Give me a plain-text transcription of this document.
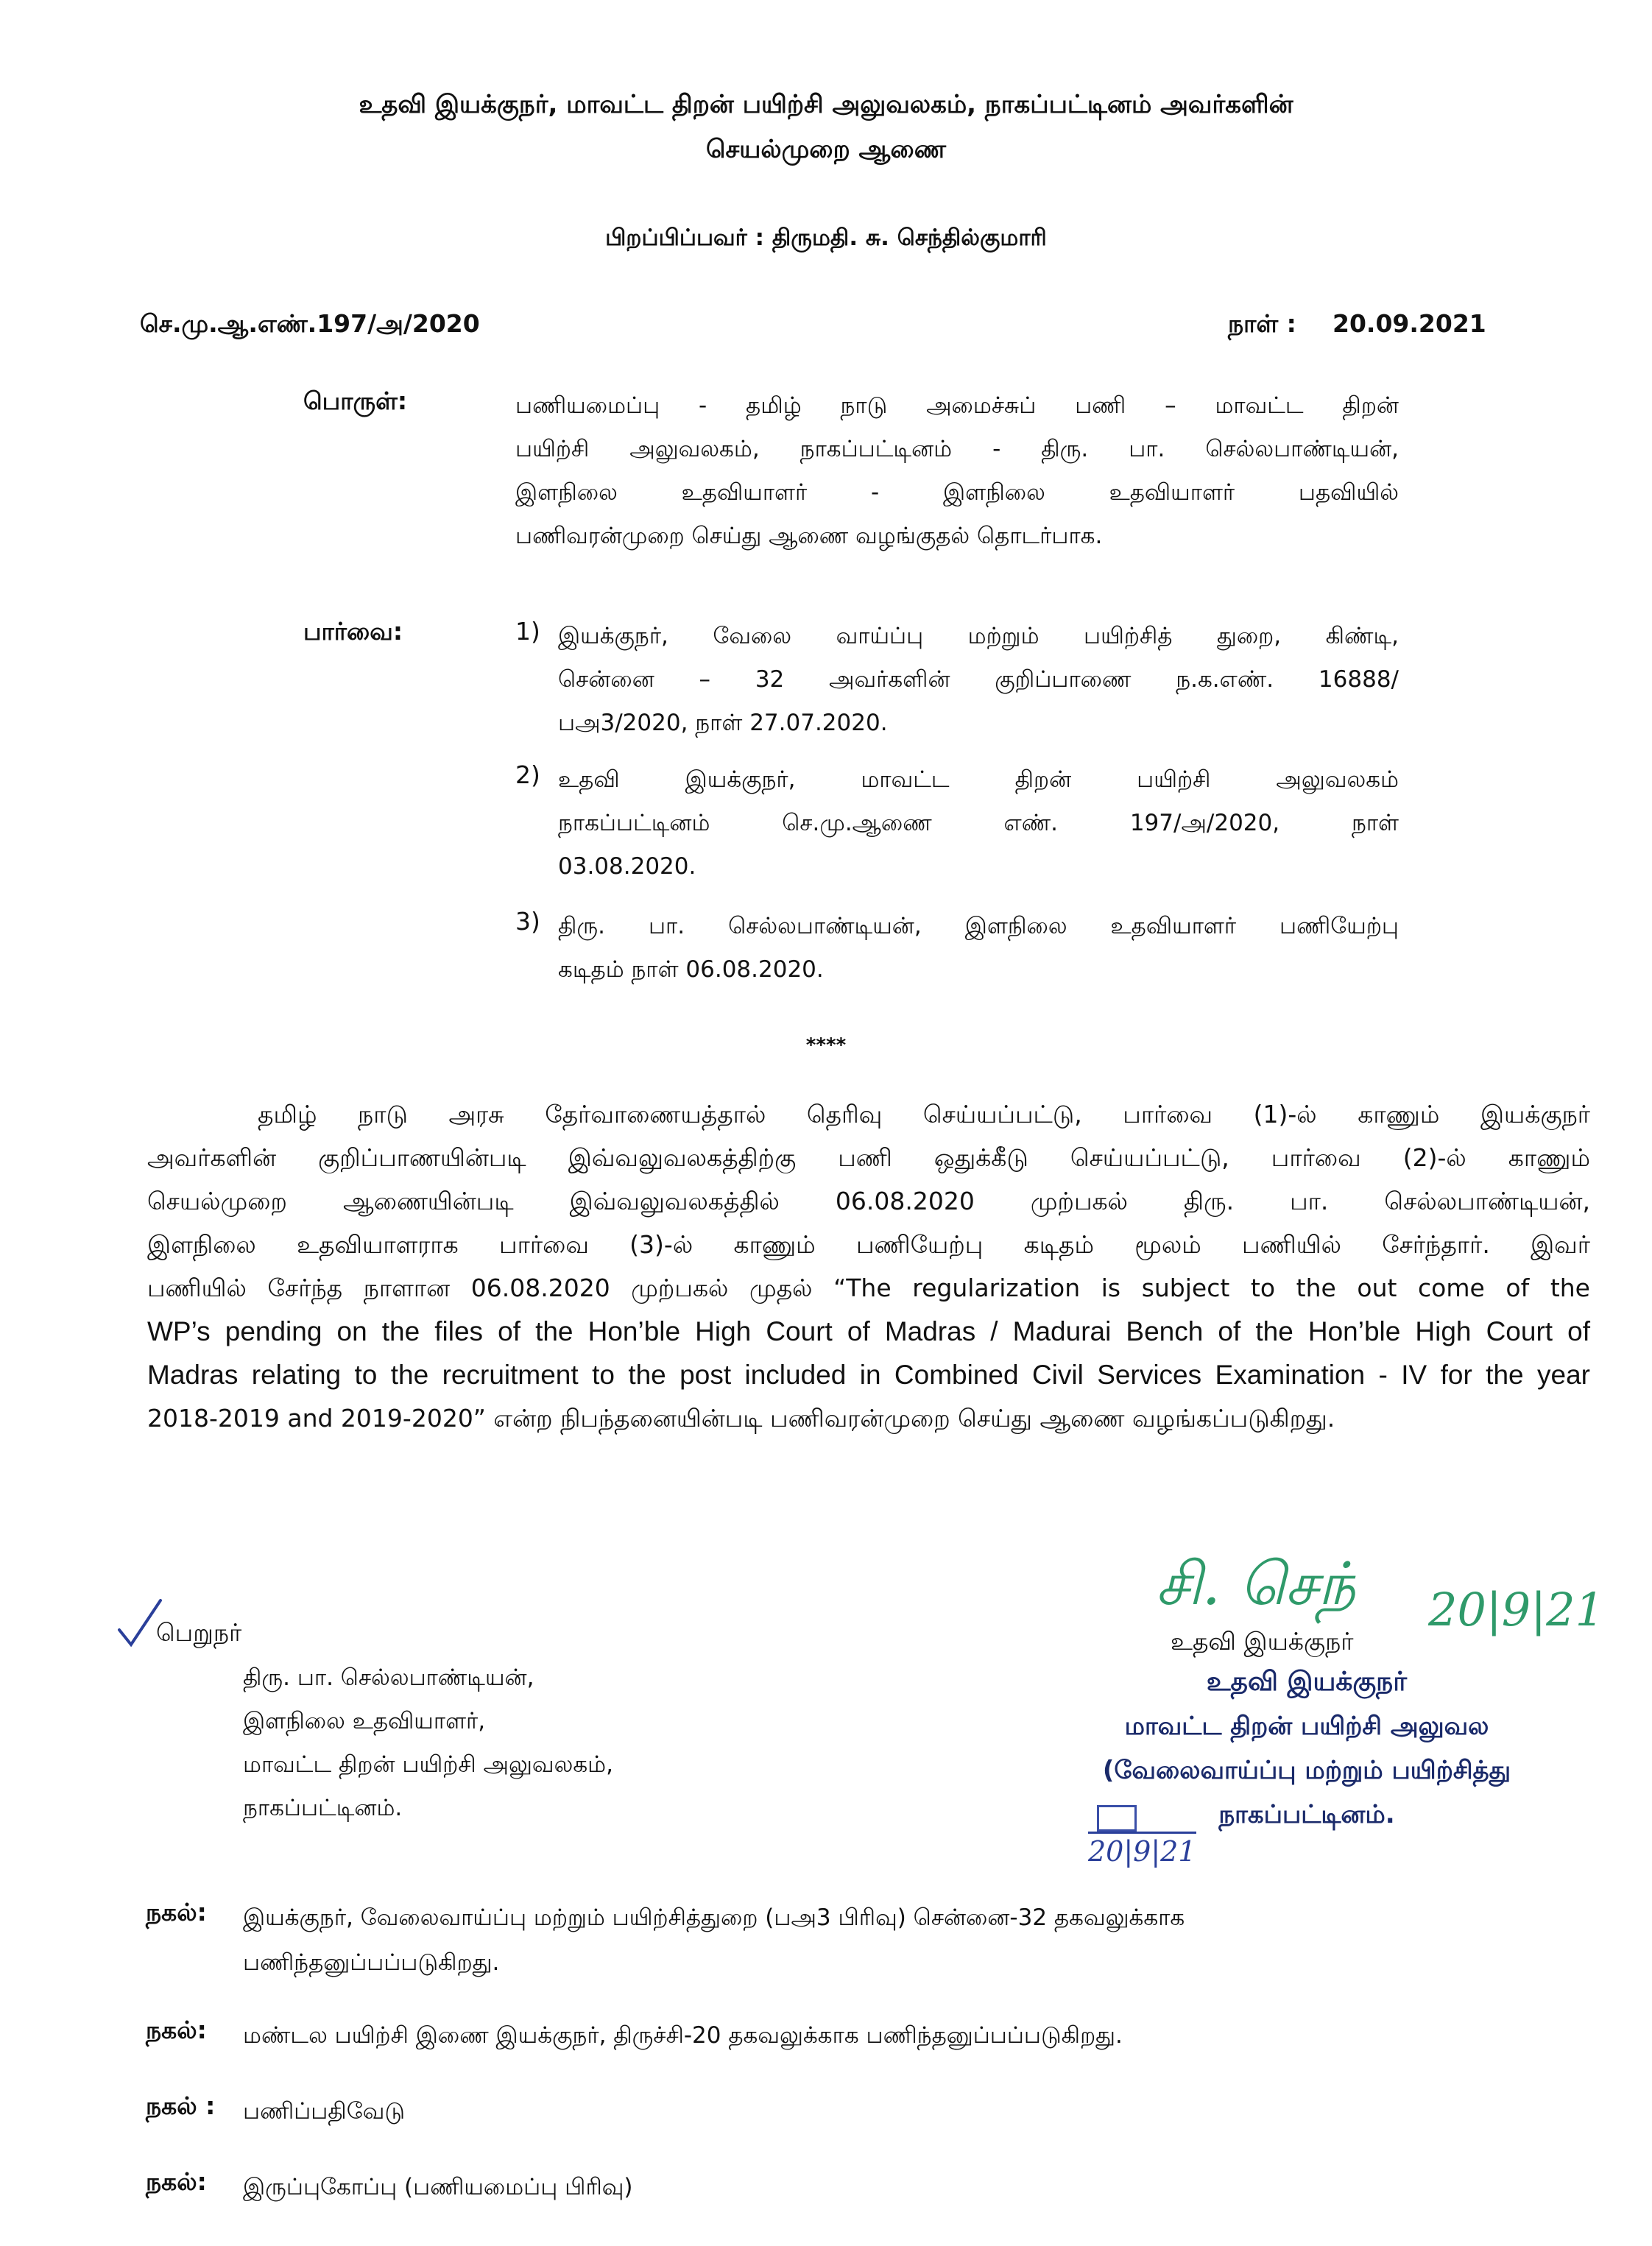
உதவி இயக்குநர், மாவட்ட திறன் பயிற்சி அலுவலகம், நாகப்பட்டினம் அவர்களின்
செயல்முறை ஆணை
பிறப்பிப்பவர் : திருமதி. சு. செந்தில்குமாரி
செ.மு.ஆ.எண்.197/அ/2020	நாள் : 20.09.2021
பொருள்:	பணியமைப்பு - தமிழ் நாடு அமைச்சுப் பணி – மாவட்ட திறன்
பயிற்சி அலுவலகம், நாகப்பட்டினம் - திரு. பா. செல்லபாண்டியன்,
இளநிலை உதவியாளர் - இளநிலை உதவியாளர் பதவியில்
பணிவரன்முறை செய்து ஆணை வழங்குதல் தொடர்பாக.
பார்வை:	1) இயக்குநர், வேலை வாய்ப்பு மற்றும் பயிற்சித் துறை, கிண்டி,
சென்னை – 32 அவர்களின் குறிப்பாணை ந.க.எண். 16888/
பஅ3/2020, நாள் 27.07.2020.
2) உதவி இயக்குநர், மாவட்ட திறன் பயிற்சி அலுவலகம்
நாகப்பட்டினம் செ.மு.ஆணை எண். 197/அ/2020, நாள்
03.08.2020.
3) திரு. பா. செல்லபாண்டியன், இளநிலை உதவியாளர் பணியேற்பு
கடிதம் நாள் 06.08.2020.
****
தமிழ் நாடு அரசு தேர்வாணையத்தால் தெரிவு செய்யப்பட்டு, பார்வை (1)-ல் காணும் இயக்குநர்
அவர்களின் குறிப்பாணயின்படி இவ்வலுவலகத்திற்கு பணி ஒதுக்கீடு செய்யப்பட்டு, பார்வை (2)-ல் காணும்
செயல்முறை ஆணையின்படி இவ்வலுவலகத்தில் 06.08.2020 முற்பகல் திரு. பா. செல்லபாண்டியன்,
இளநிலை உதவியாளராக பார்வை (3)-ல் காணும் பணியேற்பு கடிதம் மூலம் பணியில் சேர்ந்தார். இவர்
பணியில் சேர்ந்த நாளான 06.08.2020 முற்பகல் முதல் “The regularization is subject to the out come of the
WP’s pending on the files of the Hon’ble High Court of Madras / Madurai Bench of the Hon’ble High Court of
Madras relating to the recruitment to the post included in Combined Civil Services Examination - IV for the year
2018-2019 and 2019-2020” என்ற நிபந்தனையின்படி பணிவரன்முறை செய்து ஆணை வழங்கப்படுகிறது.
பெறுநர்
திரு. பா. செல்லபாண்டியன்,
இளநிலை உதவியாளர்,
மாவட்ட திறன் பயிற்சி அலுவலகம்,
நாகப்பட்டினம்.
சி. செந் 20|9|21
உதவி இயக்குநர்
உதவி இயக்குநர்
மாவட்ட திறன் பயிற்சி அலுவல
(வேலைவாய்ப்பு மற்றும் பயிற்சித்து
நாகப்பட்டினம்.
20|9|21
நகல்: இயக்குநர், வேலைவாய்ப்பு மற்றும் பயிற்சித்துறை (பஅ3 பிரிவு) சென்னை-32 தகவலுக்காக
பணிந்தனுப்பப்படுகிறது.
நகல்: மண்டல பயிற்சி இணை இயக்குநர், திருச்சி-20 தகவலுக்காக பணிந்தனுப்பப்படுகிறது.
நகல் : பணிப்பதிவேடு
நகல்: இருப்புகோப்பு (பணியமைப்பு பிரிவு)
